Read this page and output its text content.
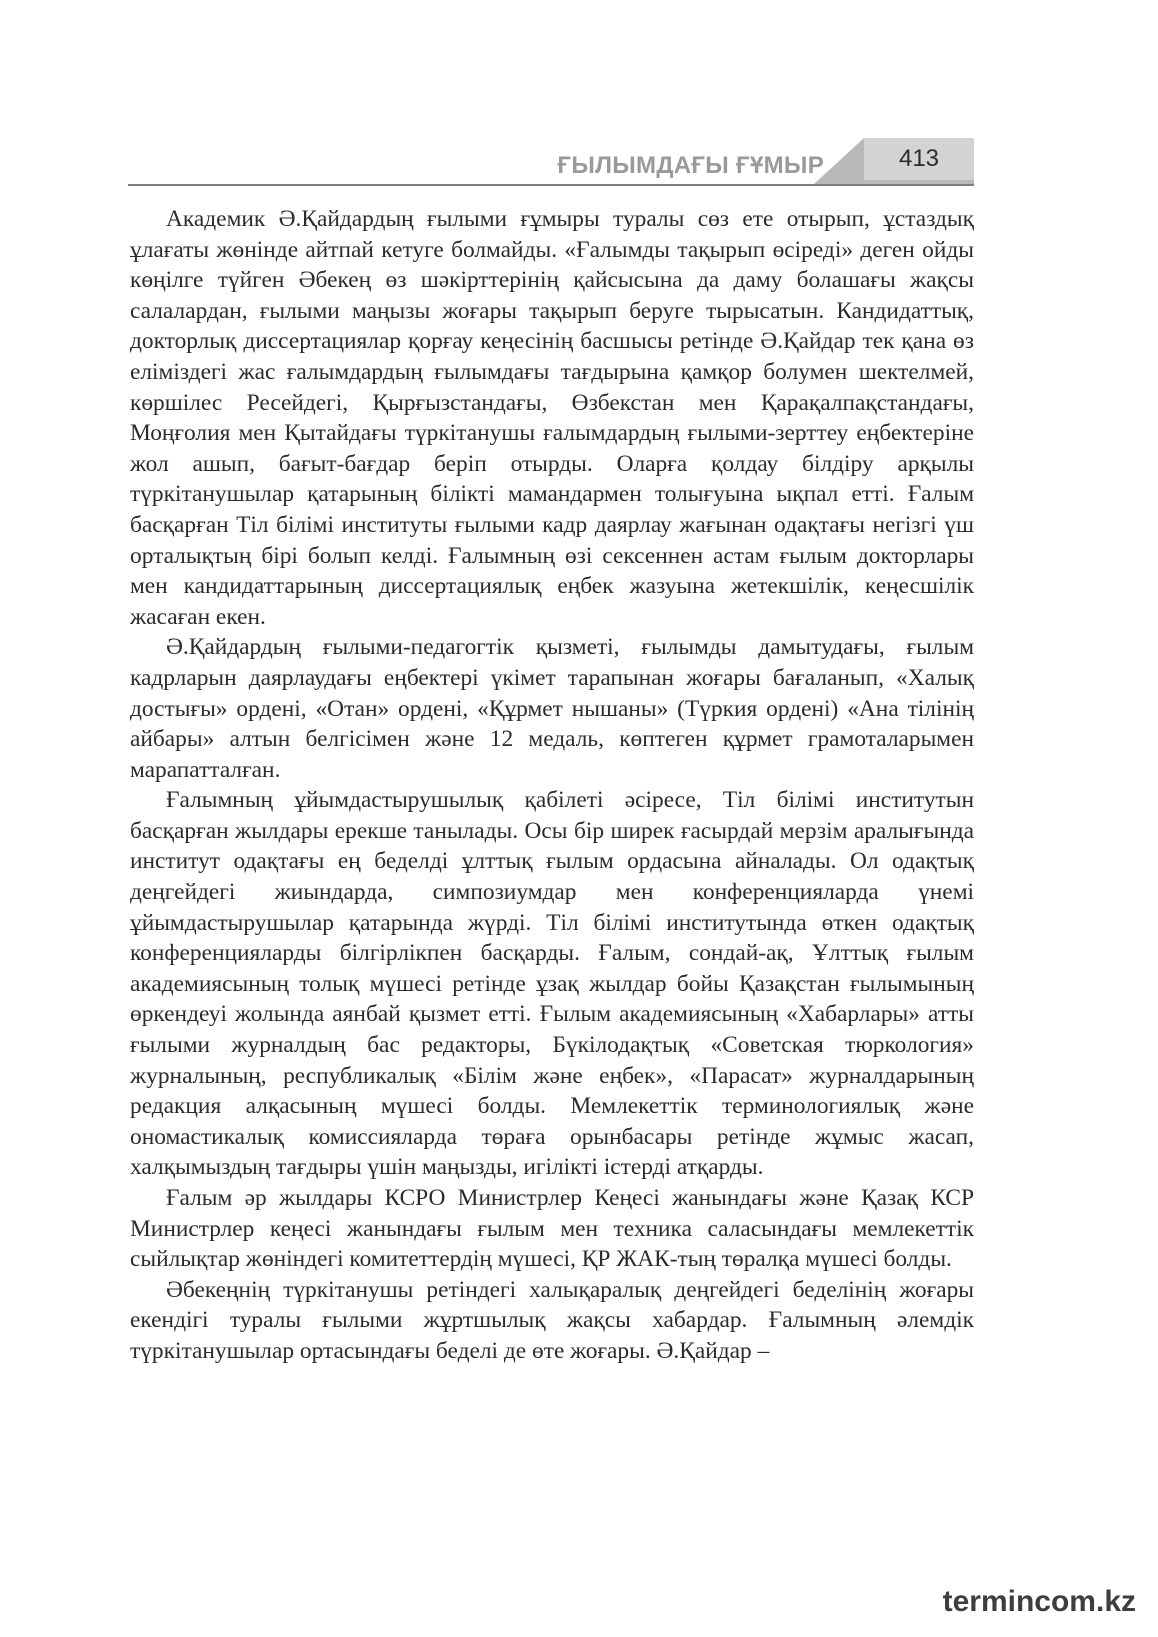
ҒЫЛЫМДАҒЫ ҒҰМЫР	413

Академик Ә.Қайдардың ғылыми ғұмыры туралы сөз ете отырып, ұстаздық ұлағаты жөнінде айтпай кетуге болмайды. «Ғалымды тақырып өсіреді» деген ойды көңілге түйген Әбекең өз шәкірттерінің қайсысына да даму болашағы жақсы салалардан, ғылыми маңызы жоғары тақырып беруге тырысатын. Кандидаттық, докторлық диссертациялар қорғау кеңесінің басшысы ретінде Ә.Қайдар тек қана өз еліміздегі жас ғалымдардың ғылымдағы тағдырына қамқор болумен шектелмей, көршілес Ресейдегі, Қырғызстандағы, Өзбекстан мен Қарақалпақстандағы, Моңғолия мен Қытайдағы түркітанушы ғалымдардың ғылыми-зерттеу еңбектеріне жол ашып, бағыт-бағдар беріп отырды. Оларға қолдау білдіру арқылы түркітанушылар қатарының білікті мамандармен толығуына ықпал етті. Ғалым басқарған Тіл білімі институты ғылыми кадр даярлау жағынан одақтағы негізгі үш орталықтың бірі болып келді. Ғалымның өзі сексеннен астам ғылым докторлары мен кандидаттарының диссертациялық еңбек жазуына жетекшілік, кеңесшілік жасаған екен.

Ә.Қайдардың ғылыми-педагогтік қызметі, ғылымды дамытудағы, ғылым кадрларын даярлаудағы еңбектері үкімет тарапынан жоғары бағаланып, «Халық достығы» ордені, «Отан» ордені, «Құрмет нышаны» (Түркия ордені) «Ана тілінің айбары» алтын белгісімен және 12 медаль, көптеген құрмет грамоталарымен марапатталған.

Ғалымның ұйымдастырушылық қабілеті әсіресе, Тіл білімі институтын басқарған жылдары ерекше танылады. Осы бір ширек ғасырдай мерзім аралығында институт одақтағы ең беделді ұлттық ғылым ордасына айналады. Ол одақтық деңгейдегі жиындарда, симпозиумдар мен конференцияларда үнемі ұйымдастырушылар қатарында жүрді. Тіл білімі институтында өткен одақтық конференцияларды білгірлікпен басқарды. Ғалым, сондай-ақ, Ұлттық ғылым академиясының толық мүшесі ретінде ұзақ жылдар бойы Қазақстан ғылымының өркендеуі жолында аянбай қызмет етті. Ғылым академиясының «Хабарлары» атты ғылыми журналдың бас редакторы, Бүкілодақтық «Советская тюркология» журналының, республикалық «Білім және еңбек», «Парасат» журналдарының редакция алқасының мүшесі болды. Мемлекеттік терминологиялық және ономастикалық комиссияларда төраға орынбасары ретінде жұмыс жасап, халқымыздың тағдыры үшін маңызды, игілікті істерді атқарды.

Ғалым әр жылдары КСРО Министрлер Кеңесі жанындағы және Қазақ КСР Министрлер кеңесі жанындағы ғылым мен техника саласындағы мемлекеттік сыйлықтар жөніндегі комитеттердің мүшесі, ҚР ЖАК-тың төралқа мүшесі болды.

Әбекеңнің түркітанушы ретіндегі халықаралық деңгейдегі беделінің жоғары екендігі туралы ғылыми жұртшылық жақсы хабардар. Ғалымның әлемдік түркітанушылар ортасындағы беделі де өте жоғары. Ә.Қайдар –

termincom.kz
